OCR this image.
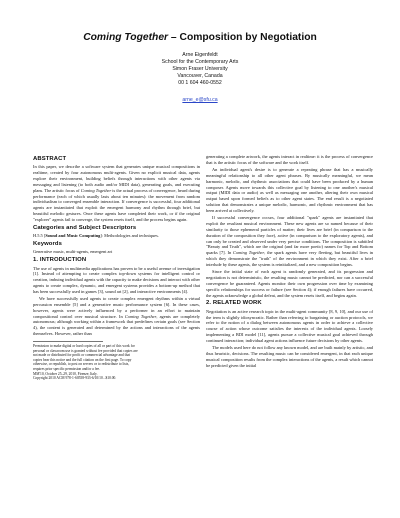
Coming Together – Composition by Negotiation
Arne Eigenfeldt
School for the Contemporary Arts
Simon Fraser University
Vancouver, Canada
00 1 604 460-0552
arne_e@sfu.ca
ABSTRACT

In this paper, we describe a software system that generates unique musical compositions in realtime, created by four autonomous multi-agents. Given no explicit musical data, agents explore their environment, building beliefs through interactions with other agents via messaging and listening (to both audio and/or MIDI data), generating goals, and executing plans. The artistic focus of Coming Together is the actual process of convergence, heard during performance (each of which usually lasts about ten minutes): the movement from random individualism to converged ensemble interaction. If convergence is successful, four additional agents are instantiated that exploit the emergent harmony and rhythm through brief, but beautiful melodic gestures. Once these agents have completed their work, or if the original "explorer" agents fail to converge, the system resets itself, and the process begins again.

Categories and Subject Descriptors

H.5.5 [Sound and Music Computing]: Methodologies and techniques.

Keywords

Generative music, multi-agents, emergent art

1. INTRODUCTION

The use of agents in multimedia applications has proven to be a useful avenue of investigation [1]. Instead of attempting to create complex top-down systems for intelligent control or creation, imbuing individual agents with the capacity to make decisions and interact with other agents to create complex, dynamic, and emergent systems provides a bottom-up method that has been successfully used in games [3], sound art [2], and interactive environments [4].

We have successfully used agents to create complex emergent rhythms within a virtual percussion ensemble [5] and a generative music performance system [6]. In these cases, however, agents were actively influenced by a performer in an effort to maintain compositional control over musical structure. In Coming Together, agents are completely autonomous; although working within a framework that predefines certain goals (see Section 4), the content is generated and determined by the actions and interactions of the agents themselves. However, rather than

Permission to make digital or hard copies of all or part of this work for
personal or classroom use is granted without fee provided that copies are
not made or distributed for profit or commercial advantage and that
copies bear this notice and the full citation on the first page. To copy
otherwise, or republish, to post on servers or to redistribute to lists,
requires prior specific permission and/or a fee.
MM'10, October 25–29, 2010, Firenze, Italy.
Copyright 2010 ACM 978-1-60558-933-6/10/10...$10.00.

generating a complete artwork, the agents interact in realtime: it is the process of convergence that is the artistic focus of the software and the work itself.

An individual agent's desire is to generate a repeating phrase that has a musically meaningful relationship to all other agent phrases. By musically meaningful, we mean harmonic, melodic, and rhythmic associations that could have been produced by a human composer. Agents move towards this collective goal by listening to one another's musical output (MIDI data or audio) as well as messaging one another, altering their own musical output based upon formed beliefs as to other agent states. The end result is a negotiated solution that demonstrates a unique melodic, harmonic, and rhythmic environment that has been arrived at collectively.

If successful convergence occurs, four additional "spark" agents are instantiated that exploit the resultant musical environment. These new agents are so named because of their similarity to those ephemeral particles of matter; their lives are brief (in comparison to the duration of the composition they face), active (in comparison to the exploratory agents), and can only be created and observed under very precise conditions. The composition is subtitled "Beauty and Truth", which are the original (and far more poetic) names for Top and Bottom quarks [7]. In Coming Together, the spark agents have very fleeting, but beautiful lives in which they demonstrate the "truth" of the environment in which they exist. After a brief interlude by these agents, the system is reinitialized, and a new composition begins.

Since the initial state of each agent is randomly generated, and its progression and negotiation is not deterministic, the resulting music cannot be predicted, nor can a successful convergence be guaranteed. Agents monitor their own progression over time by examining specific relationships for success or failure (see Section 4); if enough failures have occurred, the agents acknowledge a global defeat, and the system resets itself, and begins again.

2. RELATED WORK

Negotiation is an active research topic in the multi-agent community [8, 9, 10], and our use of the term is slightly idiosyncratic. Rather than referring to bargaining or auction protocols, we refer to the notion of a dialog between autonomous agents in order to achieve a collective course of action whose outcome satisfies the interests of the individual agents. Loosely implementing a BDI model [11], agents pursue a collective musical goal achieved through continued interaction; individual agent actions influence future decisions by other agents.

The models used here do not follow any known model, and are built mainly by artistic, and thus heuristic, decisions. The resulting music can be considered emergent, in that each unique musical composition results from the complex interactions of the agents, a result which cannot be predicted given the initial
